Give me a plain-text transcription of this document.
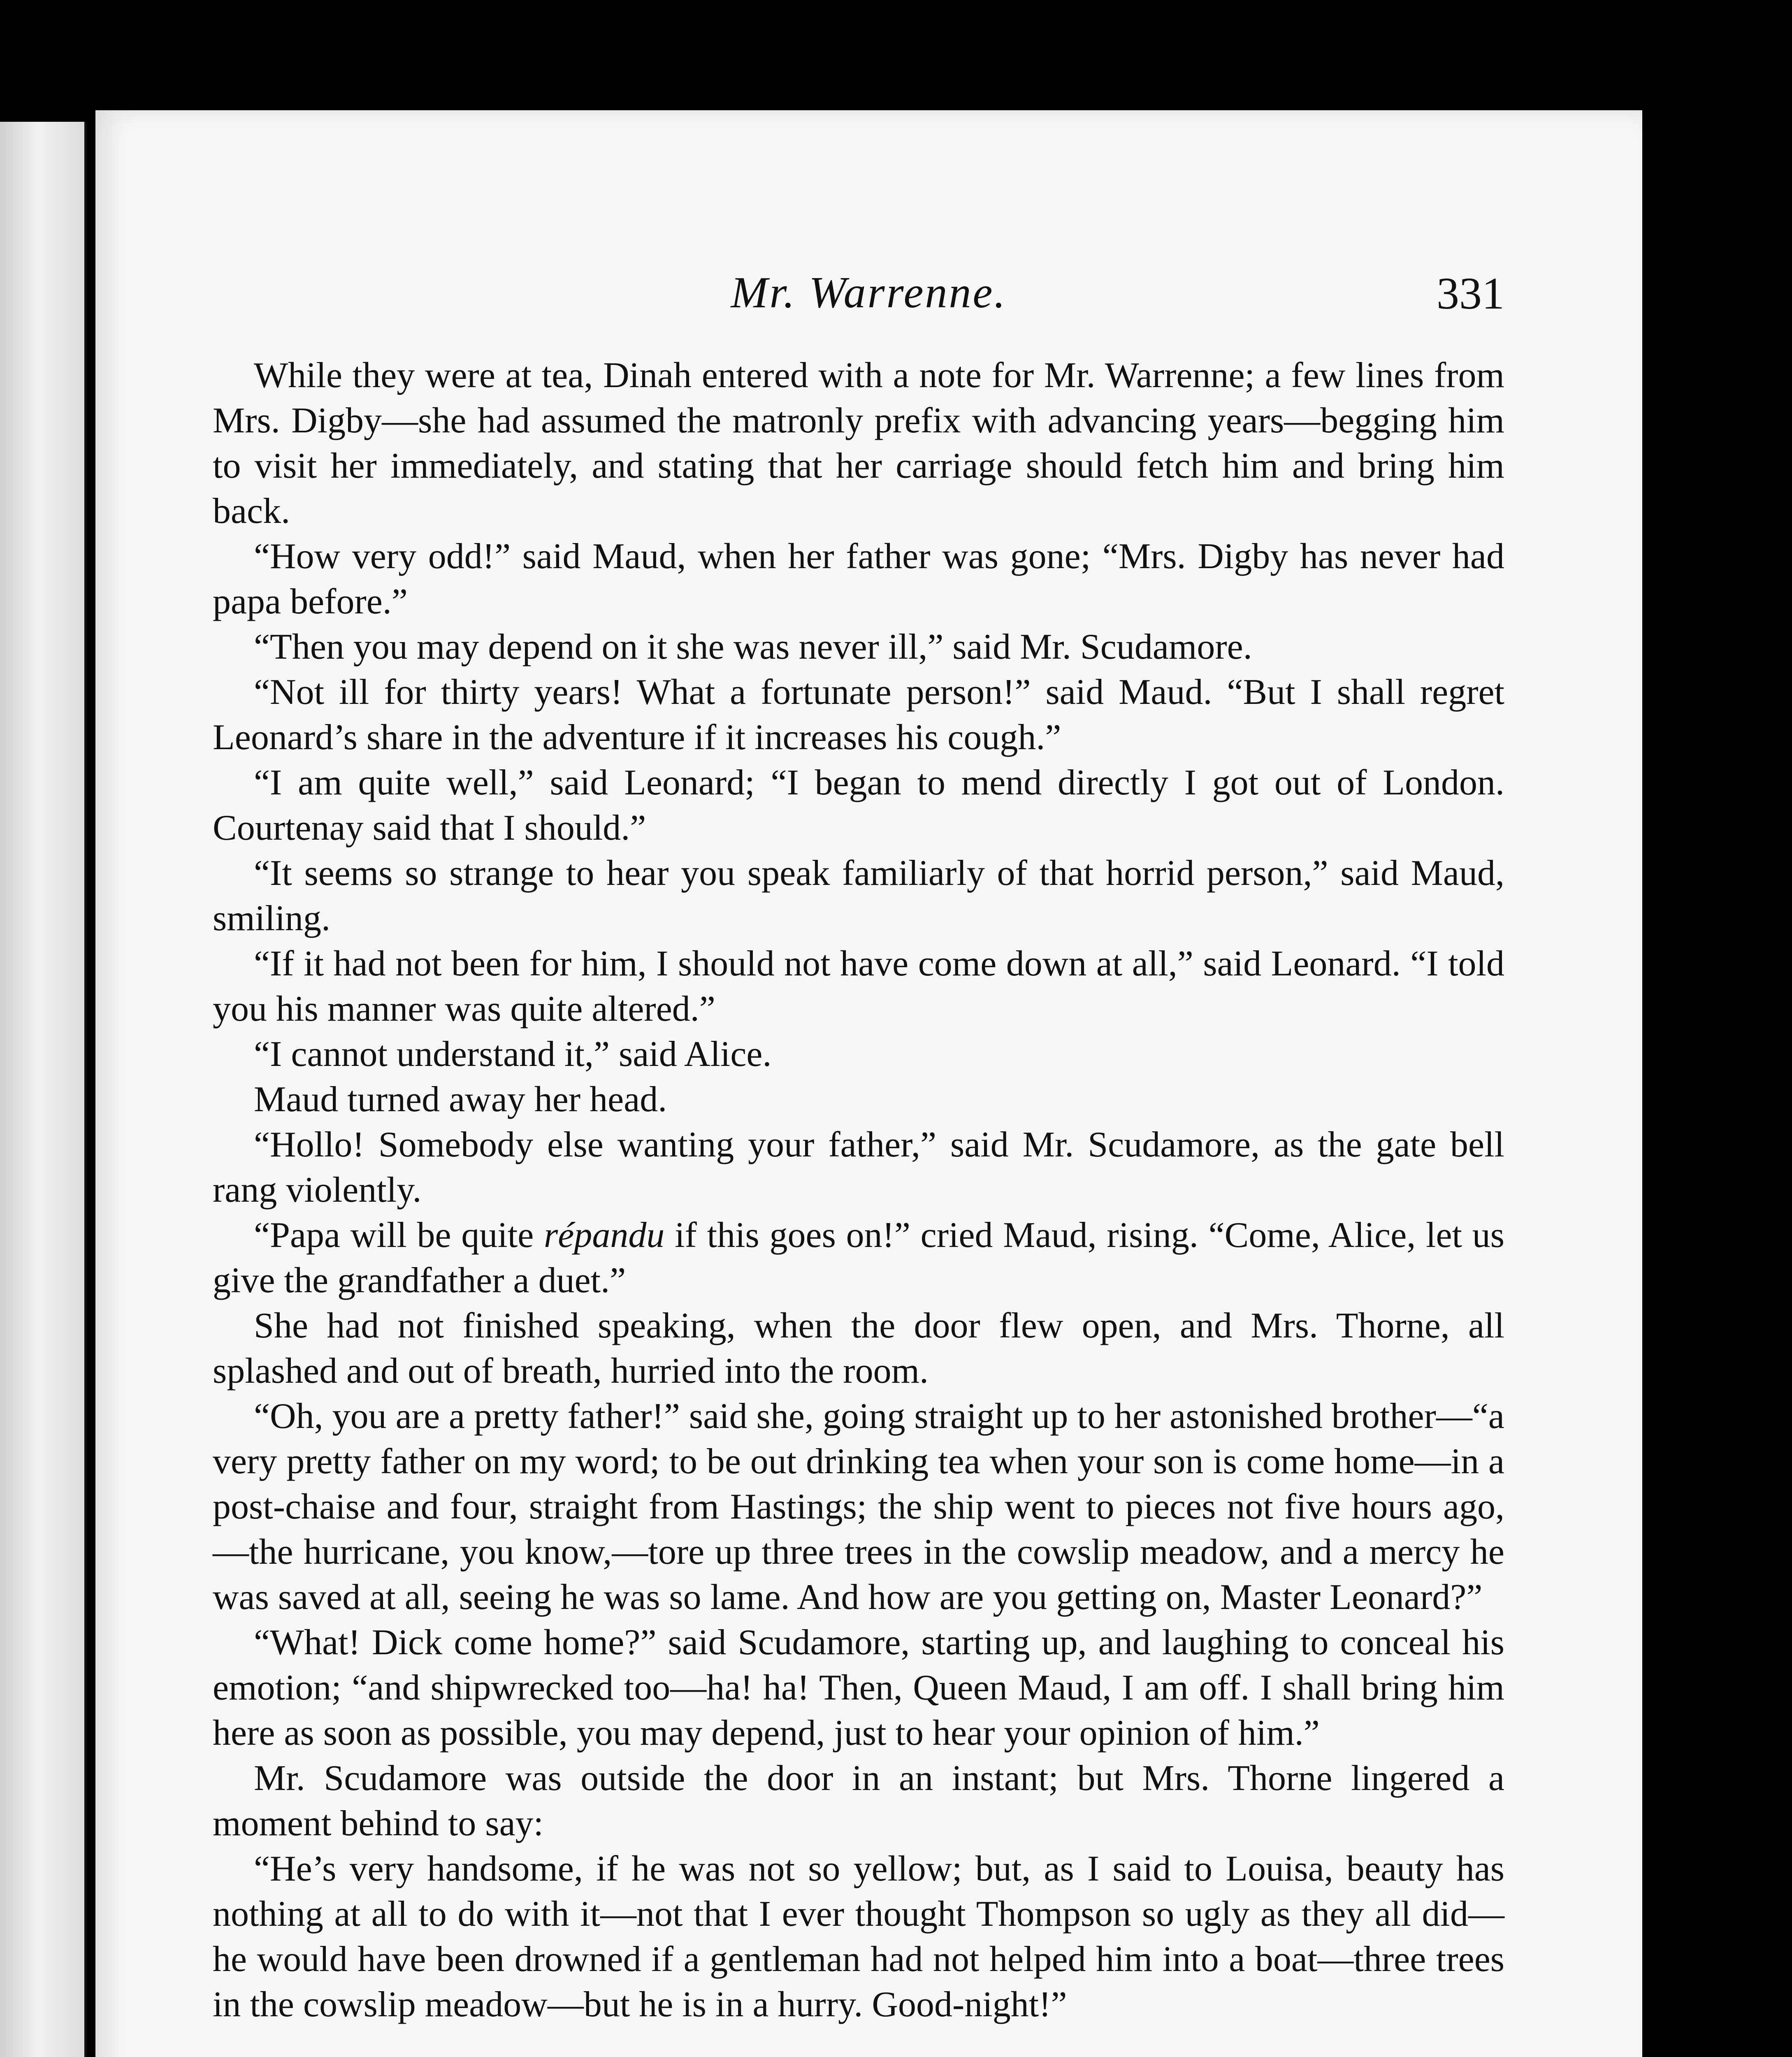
Mr. Warrenne.	331

While they were at tea, Dinah entered with a note for Mr. Warrenne; a few lines from Mrs. Digby—she had assumed the matronly prefix with advancing years—begging him to visit her immediately, and stating that her carriage should fetch him and bring him back.

“How very odd!” said Maud, when her father was gone; “Mrs. Digby has never had papa before.”

“Then you may depend on it she was never ill,” said Mr. Scudamore.

“Not ill for thirty years! What a fortunate person!” said Maud. “But I shall regret Leonard’s share in the adventure if it increases his cough.”

“I am quite well,” said Leonard; “I began to mend directly I got out of London. Courtenay said that I should.”

“It seems so strange to hear you speak familiarly of that horrid person,” said Maud, smiling.

“If it had not been for him, I should not have come down at all,” said Leonard. “I told you his manner was quite altered.”

“I cannot understand it,” said Alice.

Maud turned away her head.

“Hollo! Somebody else wanting your father,” said Mr. Scudamore, as the gate bell rang violently.

“Papa will be quite répandu if this goes on!” cried Maud, rising. “Come, Alice, let us give the grandfather a duet.”

She had not finished speaking, when the door flew open, and Mrs. Thorne, all splashed and out of breath, hurried into the room.

“Oh, you are a pretty father!” said she, going straight up to her astonished brother—“a very pretty father on my word; to be out drinking tea when your son is come home—in a post-chaise and four, straight from Hastings; the ship went to pieces not five hours ago,—the hurricane, you know,—tore up three trees in the cowslip meadow, and a mercy he was saved at all, seeing he was so lame. And how are you getting on, Master Leonard?”

“What! Dick come home?” said Scudamore, starting up, and laughing to conceal his emotion; “and shipwrecked too—ha! ha! Then, Queen Maud, I am off. I shall bring him here as soon as possible, you may depend, just to hear your opinion of him.”

Mr. Scudamore was outside the door in an instant; but Mrs. Thorne lingered a moment behind to say:

“He’s very handsome, if he was not so yellow; but, as I said to Louisa, beauty has nothing at all to do with it—not that I ever thought Thompson so ugly as they all did—he would have been drowned if a gentleman had not helped him into a boat—three trees in the cowslip meadow—but he is in a hurry. Good-night!”
